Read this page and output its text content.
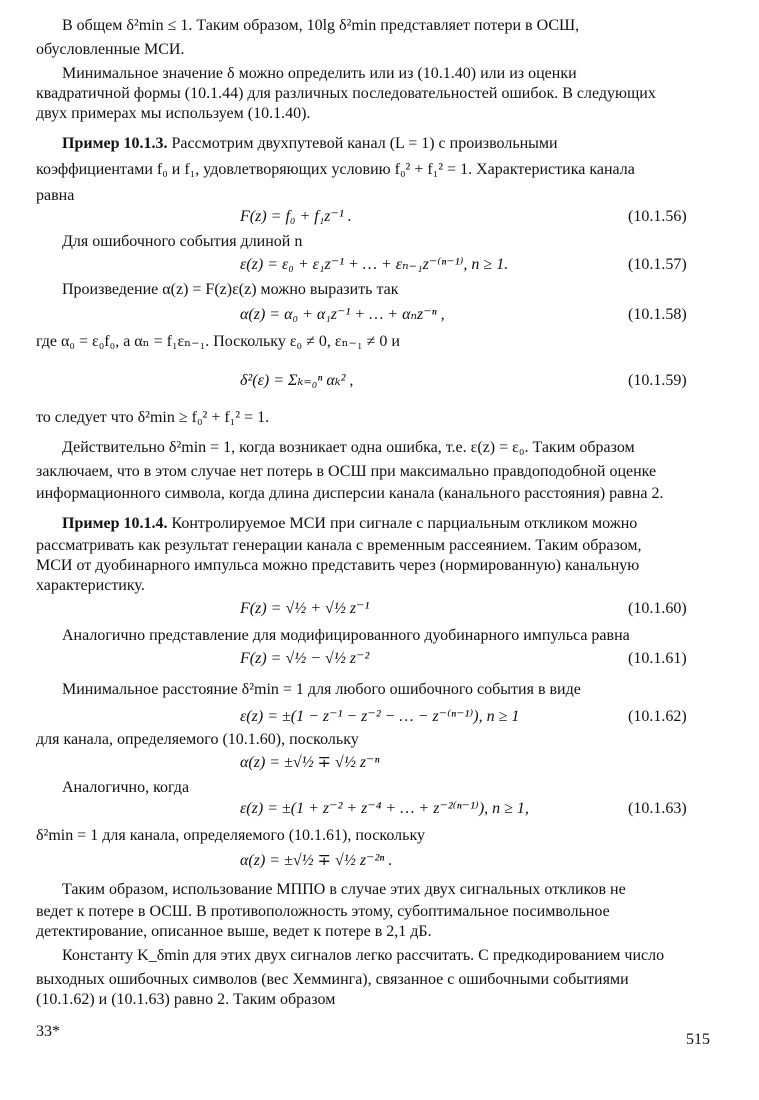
В общем δ²min ≤ 1. Таким образом, 10lg δ²min представляет потери в ОСШ,
обусловленные МСИ.
Минимальное значение δ можно определить или из (10.1.40) или из оценки
квадратичной формы (10.1.44) для различных последовательностей ошибок. В следующих
двух примерах мы используем (10.1.40).
Пример 10.1.3. Рассмотрим двухпутевой канал (L = 1) с произвольными
коэффициентами f₀ и f₁, удовлетворяющих условию f₀² + f₁² = 1. Характеристика канала
равна
F(z) = f₀ + f₁z⁻¹ .	(10.1.56)
Для ошибочного события длиной n
ε(z) = ε₀ + ε₁z⁻¹ + … + εₙ₋₁z⁻⁽ⁿ⁻¹⁾, n ≥ 1.	(10.1.57)
Произведение α(z) = F(z)ε(z) можно выразить так
α(z) = α₀ + α₁z⁻¹ + … + αₙz⁻ⁿ ,	(10.1.58)
где α₀ = ε₀f₀, а αₙ = f₁εₙ₋₁. Поскольку ε₀ ≠ 0, εₙ₋₁ ≠ 0 и
δ²(ε) = Σₖ₌₀ⁿ αₖ² ,	(10.1.59)
то следует что δ²min ≥ f₀² + f₁² = 1.
Действительно δ²min = 1, когда возникает одна ошибка, т.е. ε(z) = ε₀. Таким образом
заключаем, что в этом случае нет потерь в ОСШ при максимально правдоподобной оценке
информационного символа, когда длина дисперсии канала (канального расстояния) равна 2.
Пример 10.1.4. Контролируемое МСИ при сигнале с парциальным откликом можно
рассматривать как результат генерации канала с временным рассеянием. Таким образом,
МСИ от дуобинарного импульса можно представить через (нормированную) канальную
характеристику.
F(z) = √½ + √½ z⁻¹	(10.1.60)
Аналогично представление для модифицированного дуобинарного импульса равна
F(z) = √½ − √½ z⁻²	(10.1.61)
Минимальное расстояние δ²min = 1 для любого ошибочного события в виде
ε(z) = ±(1 − z⁻¹ − z⁻² − … − z⁻⁽ⁿ⁻¹⁾), n ≥ 1	(10.1.62)
для канала, определяемого (10.1.60), поскольку
α(z) = ±√½ ∓ √½ z⁻ⁿ
Аналогично, когда
ε(z) = ±(1 + z⁻² + z⁻⁴ + … + z⁻²⁽ⁿ⁻¹⁾), n ≥ 1,	(10.1.63)
δ²min = 1 для канала, определяемого (10.1.61), поскольку
α(z) = ±√½ ∓ √½ z⁻²ⁿ .
Таким образом, использование МППО в случае этих двух сигнальных откликов не
ведет к потере в ОСШ. В противоположность этому, субоптимальное посимвольное
детектирование, описанное выше, ведет к потере в 2,1 дБ.
Константу K_δmin для этих двух сигналов легко рассчитать. С предкодированием число
выходных ошибочных символов (вес Хемминга), связанное с ошибочными событиями
(10.1.62) и (10.1.63) равно 2. Таким образом
33*	515
